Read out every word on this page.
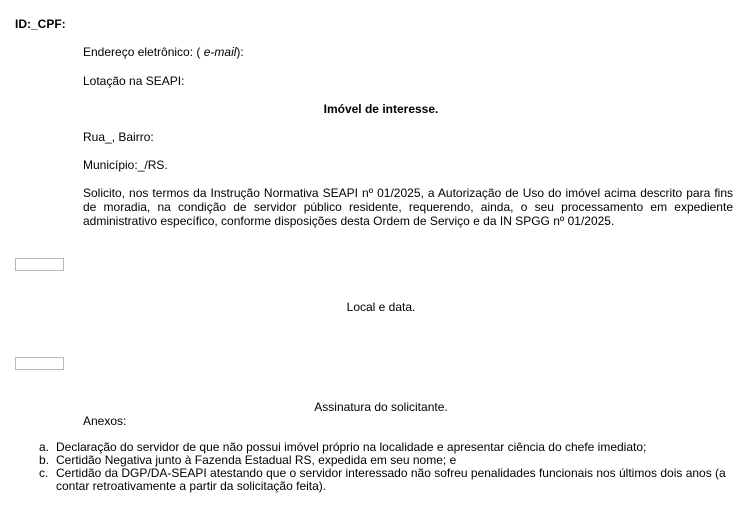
ID:_CPF:
Endereço eletrônico: ( e-mail):
Lotação na SEAPI:
Imóvel de interesse.
Rua_, Bairro:
Município:_/RS.
Solicito, nos termos da Instrução Normativa SEAPI nº 01/2025, a Autorização de Uso do imóvel acima descrito para fins de moradia, na condição de servidor público residente, requerendo, ainda, o seu processamento em expediente administrativo específico, conforme disposições desta Ordem de Serviço e da IN SPGG nº 01/2025.
Local e data.
Assinatura do solicitante.
Anexos:
a. Declaração do servidor de que não possui imóvel próprio na localidade e apresentar ciência do chefe imediato;
b. Certidão Negativa junto à Fazenda Estadual RS, expedida em seu nome; e
c. Certidão da DGP/DA-SEAPI atestando que o servidor interessado não sofreu penalidades funcionais nos últimos dois anos (a contar retroativamente a partir da solicitação feita).
